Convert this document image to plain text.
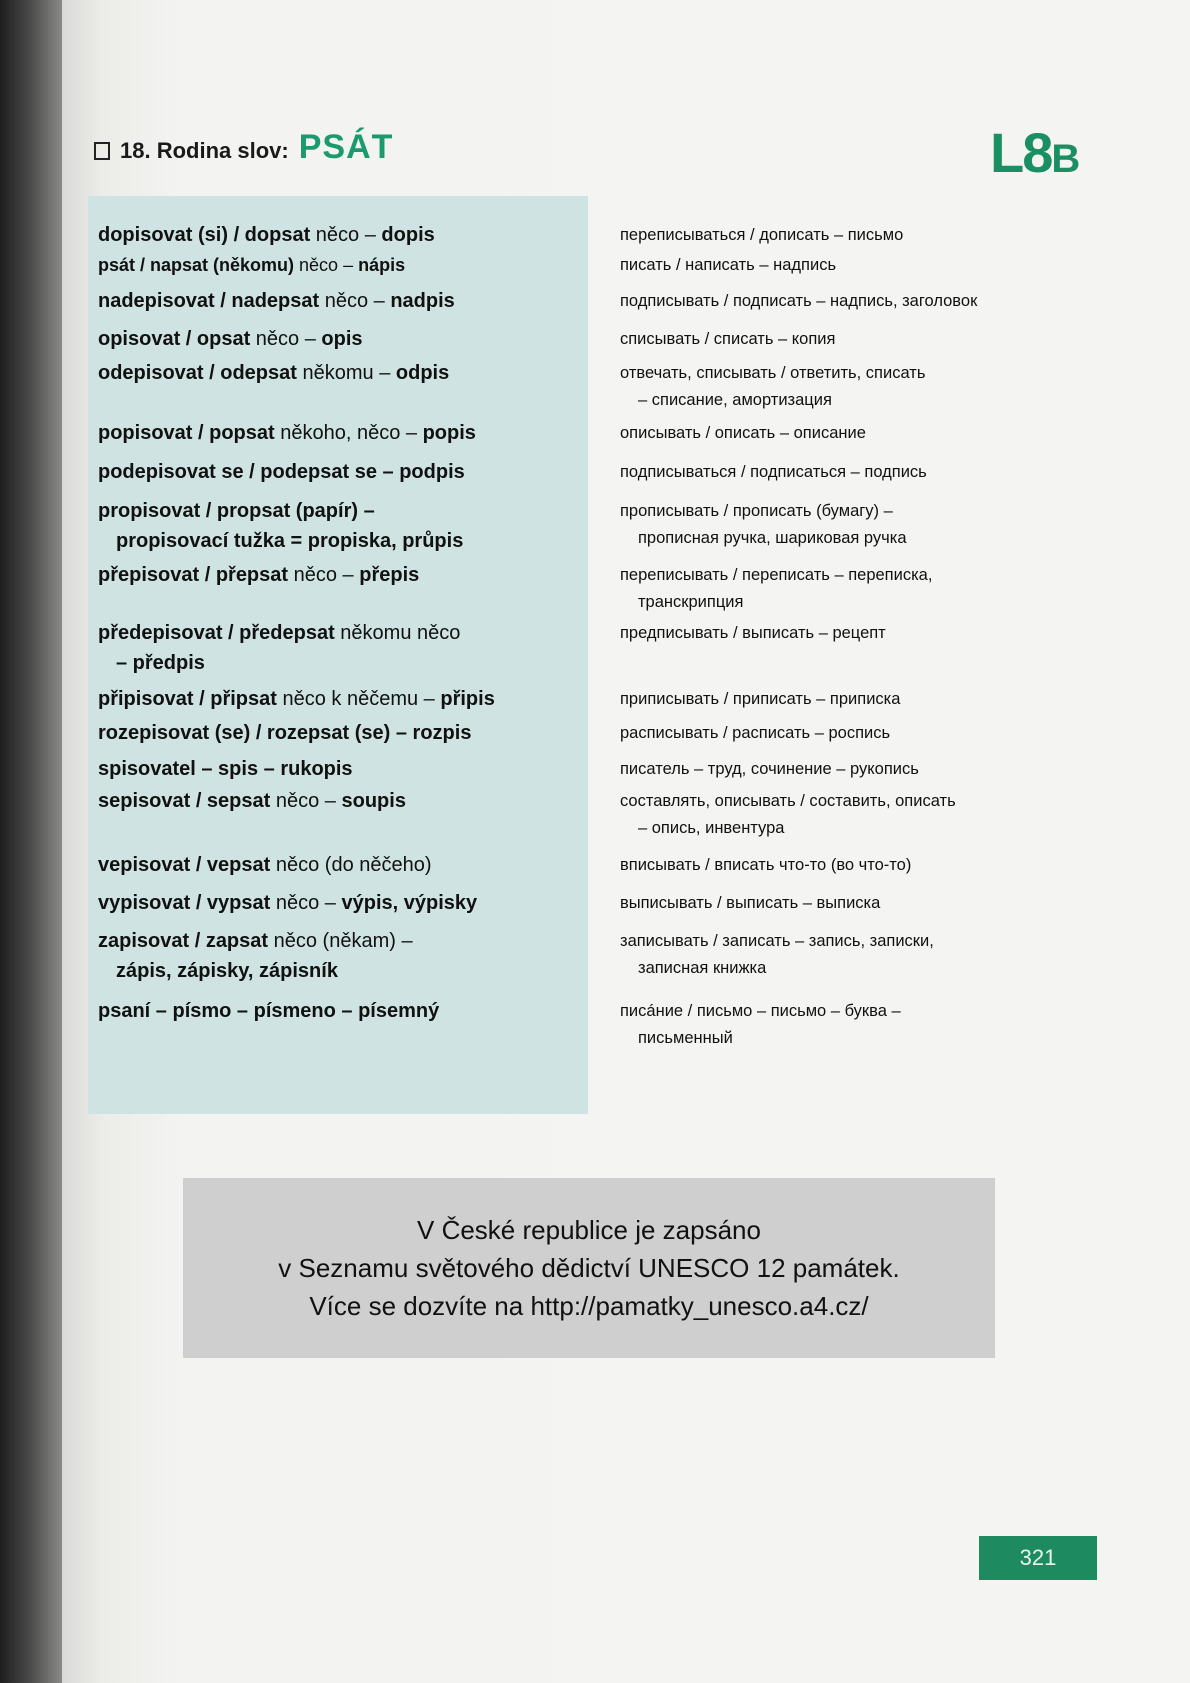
18. Rodina slov: PSÁT	L8B
dopisovat (si) / dopsat něco – dopis
psát / napsat (někomu) něco – nápis
nadepisovat / nadepsat něco – nadpis
opisovat / opsat něco – opis
odepisovat / odepsat někomu – odpis
popisovat / popsat někoho, něco – popis
podepisovat se / podepsat se – podpis
propisovat / propsat (papír) –
propisovací tužka = propiska, průpis
přepisovat / přepsat něco – přepis
předepisovat / předepsat někomu něco
– předpis
připisovat / připsat něco k něčemu – připis
rozepisovat (se) / rozepsat (se) – rozpis
spisovatel – spis – rukopis
sepisovat / sepsat něco – soupis
vepisovat / vepsat něco (do něčeho)
vypisovat / vypsat něco – výpis, výpisky
zapisovat / zapsat něco (někam) –
zápis, zápisky, zápisník
psaní – písmo – písmeno – písemný
переписываться / дописать – письмо
писать / написать – надпись
подписывать / подписать – надпись, заголовок
списывать / списать – копия
отвечать, списывать / ответить, списать
– списание, амортизация
описывать / описать – описание
подписываться / подписаться – подпись
прописывать / прописать (бумагу) –
прописная ручка, шариковая ручка
переписывать / переписать – переписка,
транскрипция
предписывать / выписать – рецепт
приписывать / приписать – приписка
расписывать / расписать – роспись
писатель – труд, сочинение – рукопись
составлять, описывать / составить, описать
– опись, инвентура
вписывать / вписать что-то (во что-то)
выписывать / выписать – выписка
записывать / записать – запись, записки,
записная книжка
писáние / письмо – письмо – буква –
письменный
V České republice je zapsáno
v Seznamu světového dědictví UNESCO 12 památek.
Více se dozvíte na http://pamatky_unesco.a4.cz/
321
